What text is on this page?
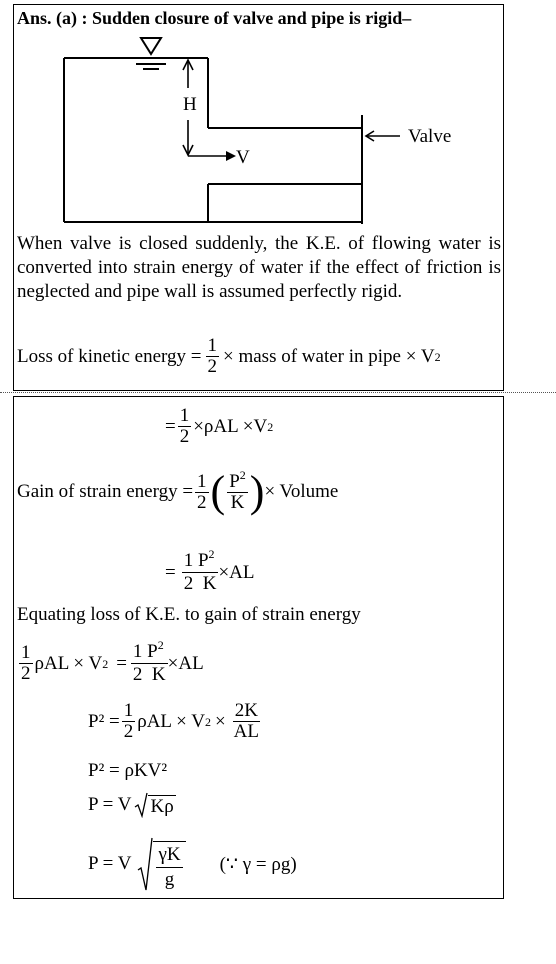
Ans. (a) : Sudden closure of valve and pipe is rigid–
H
V
Valve
When valve is closed suddenly, the K.E. of flowing water is converted into strain energy of water if the effect of friction is neglected and pipe wall is assumed perfectly rigid.
Loss of kinetic energy = $\frac{1}{2}$ × mass of water in pipe × V 2
= $\frac{1}{2} \times\rho AL \times V$ 2
Gain of strain energy = $\frac{1}{2}$ ( $\frac{P^2}{K}$ ) × Volume
= $\frac{1 P^2}{2 K} \times AL$
Equating loss of K.E. to gain of strain energy
$\frac{1}{2}$ ρAL × V $2 = \frac{1 P^2}{2 K} \times AL$
$P^2 = \frac{1}{2}$ ρAL × V $2 \times \frac{2K}{AL}$
P² = ρKV²
P = V Kρ
P = V γK
g
(∵ γ = ρg)
